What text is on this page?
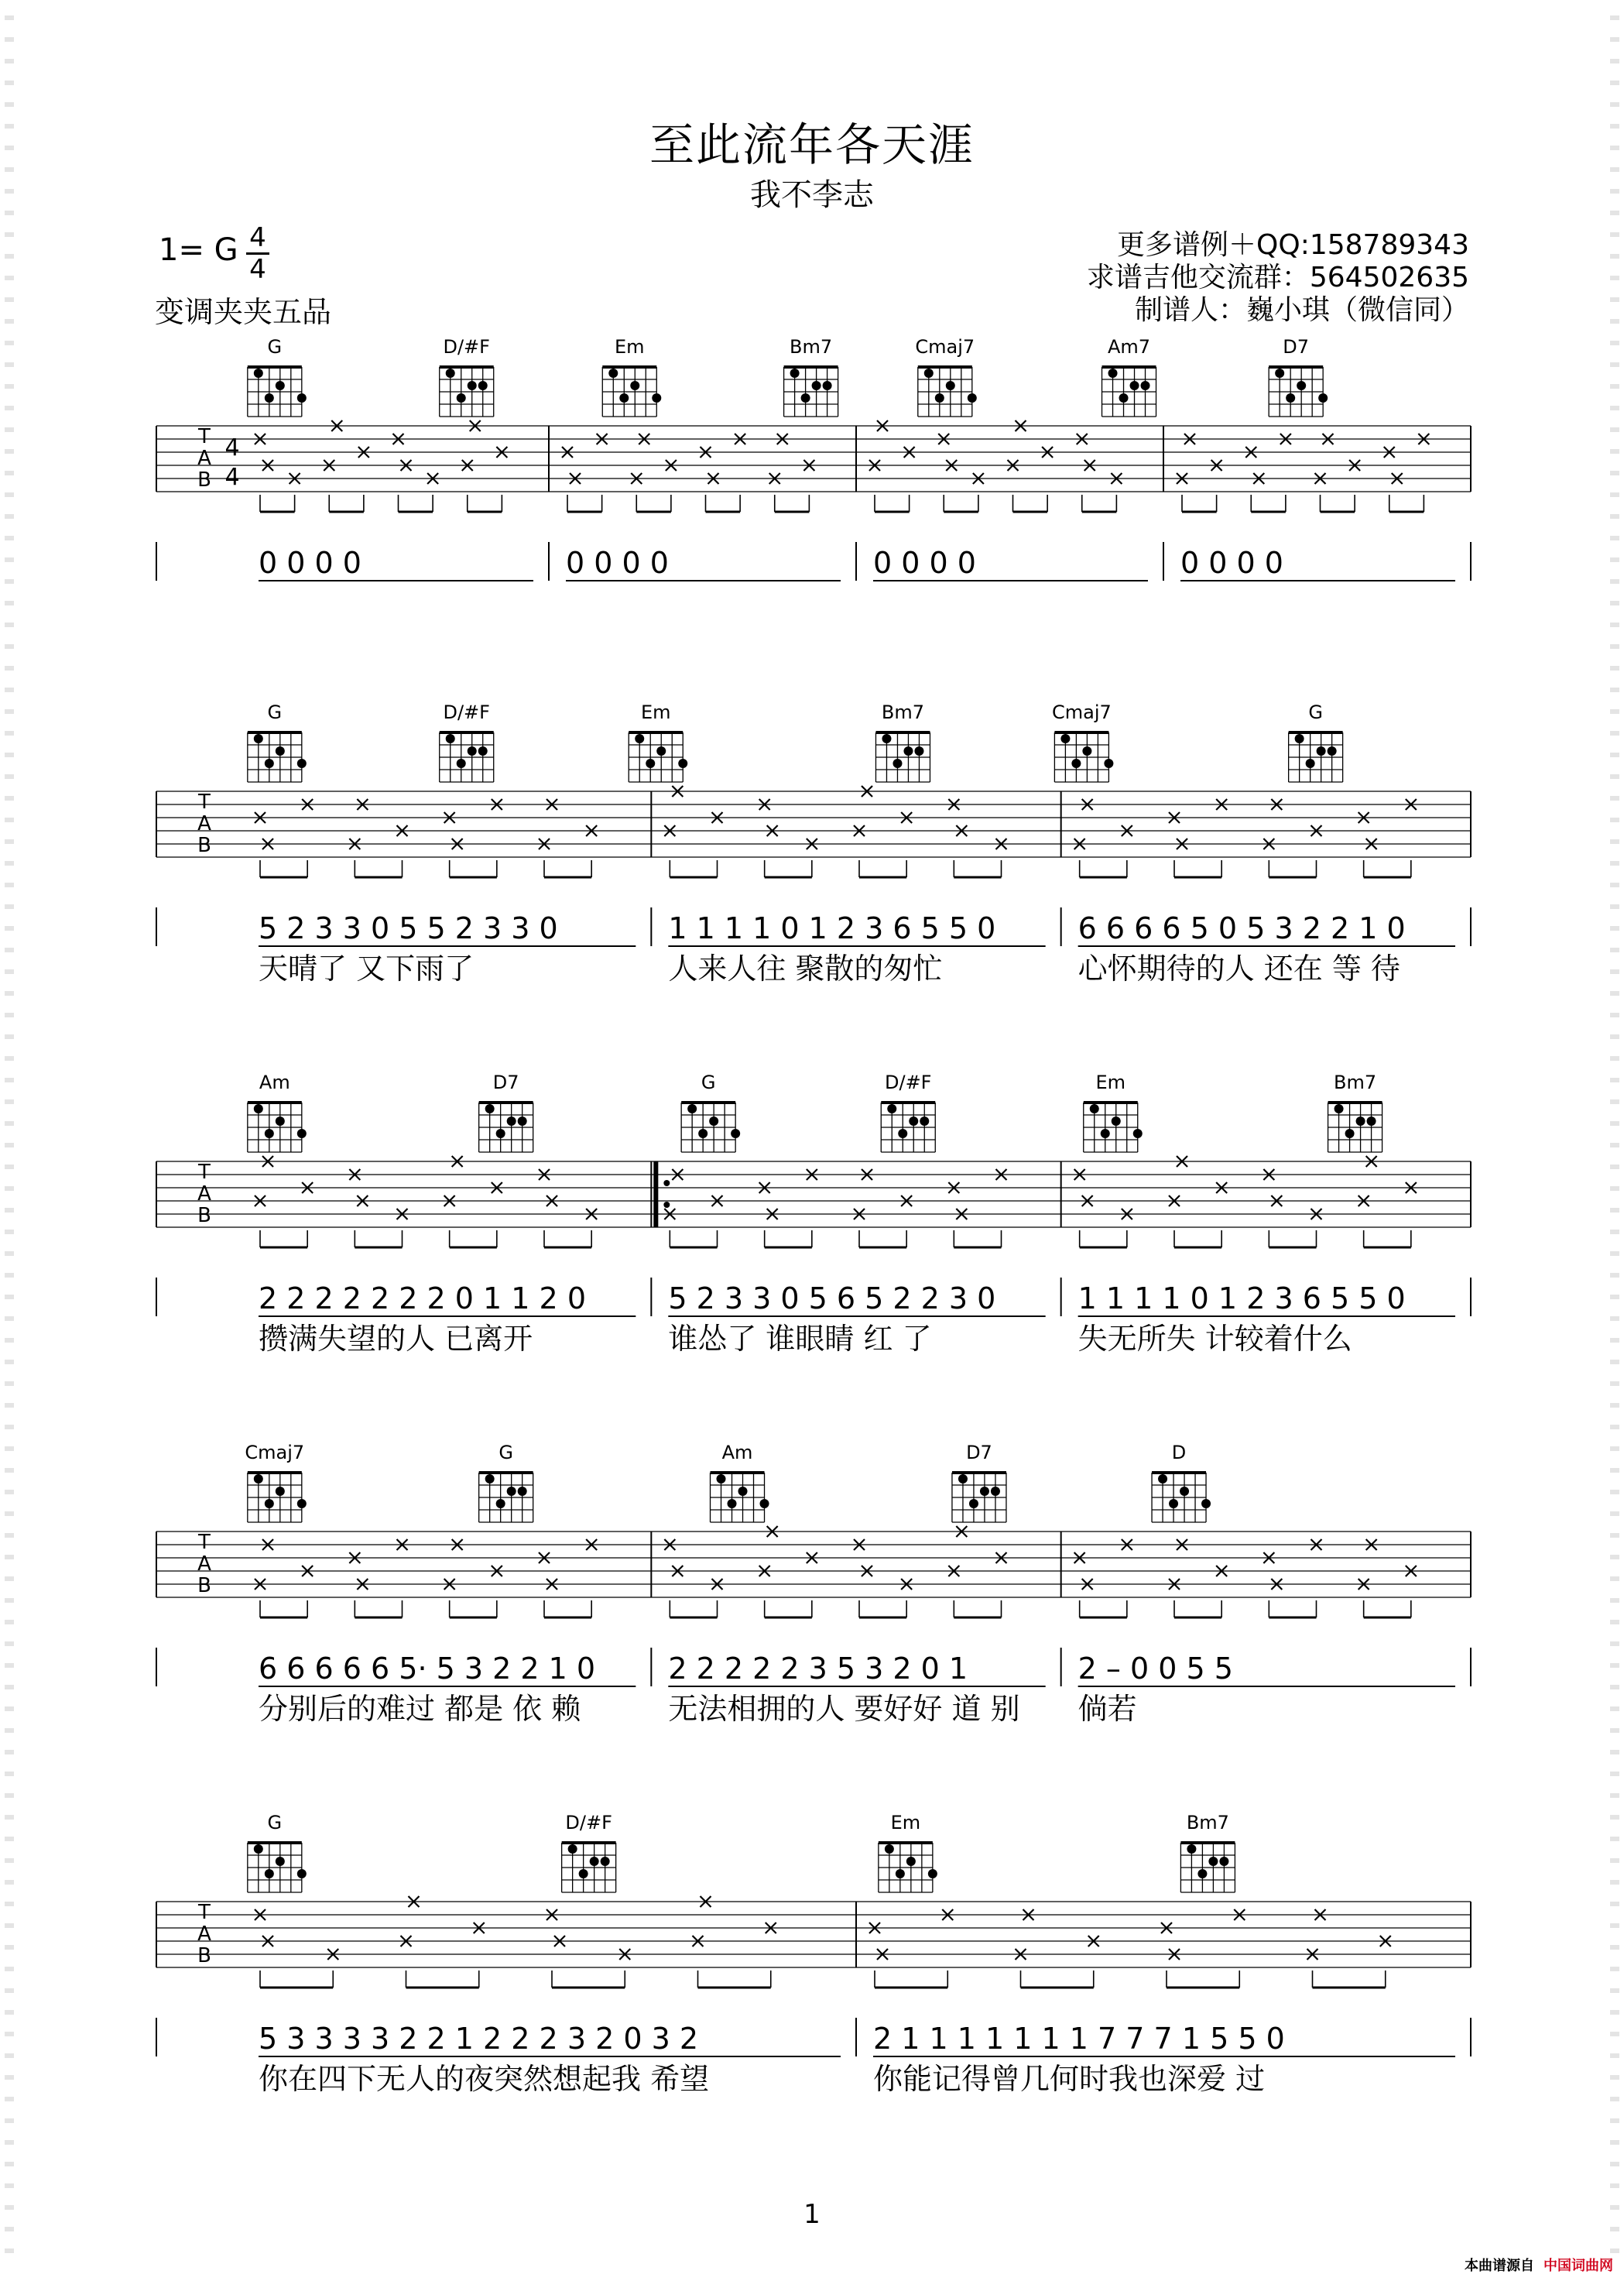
至此流年各天涯
我不李志
1= G 4
4
变调夹夹五品
更多谱例＋QQ:158789343
求谱吉他交流群：564502635
制谱人：巍小琪（微信同）
G	D/#F	Em	Bm7	Cmaj7	Am7	D7
T
A
B
4
4
0 0 0 0	0 0 0 0	0 0 0 0	0 0 0 0
G	D/#F	Em	Bm7	Cmaj7	G
T
A
B
5 2 3 3 0 5 5 2 3 3 0
天晴了 又下雨了
1 1 1 1 0 1 2 3 6 5 5 0
人来人往 聚散的匆忙
6 6 6 6 5 0 5 3 2 2 1 0
心怀期待的人 还在 等 待
Am	D7	G	D/#F	Em	Bm7
T
A
B
2 2 2 2 2 2 2 0 1 1 2 0
攒满失望的人 已离开
5 2 3 3 0 5 6 5 2 2 3 0
谁怂了 谁眼睛 红 了
1 1 1 1 0 1 2 3 6 5 5 0
失无所失 计较着什么
Cmaj7	G	Am	D7	D
T
A
B
6 6 6 6 6 5· 5 3 2 2 1 0
分别后的难过 都是 依 赖
2 2 2 2 2 3 5 3 2 0 1
无法相拥的人 要好好 道 别
2 – 0 0 5 5
倘若
G	D/#F	Em	Bm7
T
A
B
5 3 3 3 3 2 2 1 2 2 2 3 2 0 3 2
你在四下无人的夜突然想起我 希望
2 1 1 1 1 1 1 1 7 7 7 1 5 5 0
你能记得曾几何时我也深爱 过
1
本曲谱源自 中国词曲网
